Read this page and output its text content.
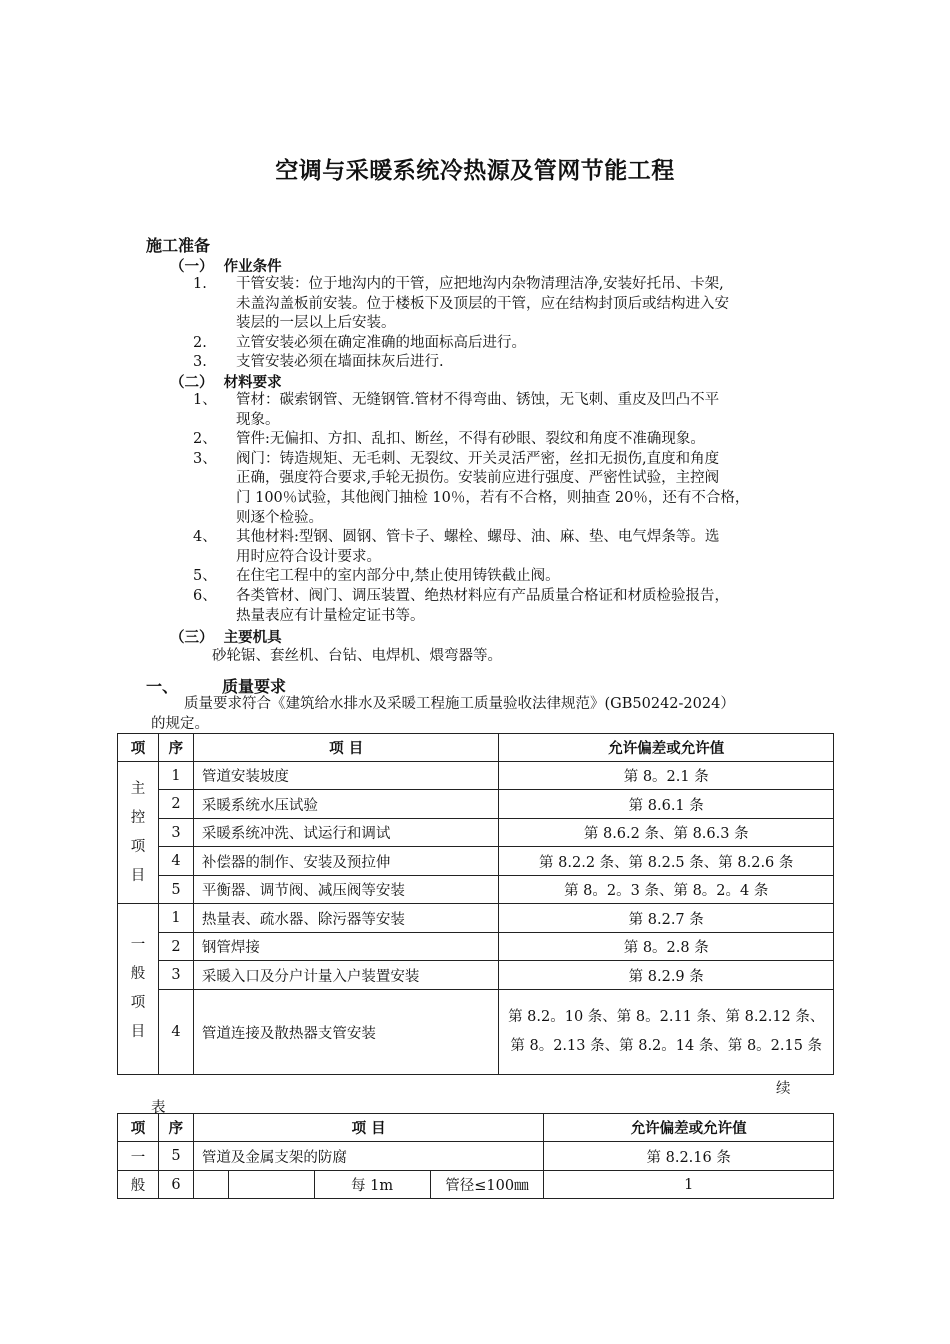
空调与采暖系统冷热源及管网节能工程
施工准备
（一） 作业条件
1. 干管安装：位于地沟内的干管，应把地沟内杂物清理洁净,安装好托吊、卡架,
未盖沟盖板前安装。位于楼板下及顶层的干管，应在结构封顶后或结构进入安
装层的一层以上后安装。
2. 立管安装必须在确定准确的地面标高后进行。
3. 支管安装必须在墙面抹灰后进行.
（二） 材料要求
1、 管材：碳索钢管、无缝钢管.管材不得弯曲、锈蚀，无飞刺、重皮及凹凸不平
现象。
2、 管件:无偏扣、方扣、乱扣、断丝，不得有砂眼、裂纹和角度不准确现象。
3、 阀门：铸造规矩、无毛刺、无裂纹、开关灵活严密，丝扣无损伤,直度和角度
正确，强度符合要求,手轮无损伤。安装前应进行强度、严密性试验，主控阀
门 100％试验，其他阀门抽检 10％，若有不合格，则抽查 20％，还有不合格，
则逐个检验。
4、 其他材料:型钢、圆钢、管卡子、螺栓、螺母、油、麻、垫、电气焊条等。选
用时应符合设计要求。
5、 在住宅工程中的室内部分中,禁止使用铸铁截止阀。
6、 各类管材、阀门、调压装置、绝热材料应有产品质量合格证和材质检验报告，
热量表应有计量检定证书等。
（三） 主要机具
砂轮锯、套丝机、台钻、电焊机、煨弯器等。
一、	质量要求
质量要求符合《建筑给水排水及采暖工程施工质量验收法律规范》(GB50242-2024）
的规定。
项	序	项 目	允许偏差或允许值

主
控
项
目	1	管道安装坡度	第 8。2.1 条
	2	采暖系统水压试验	第 8.6.1 条
	3	采暖系统冲洗、试运行和调试	第 8.6.2 条、第 8.6.3 条
	4	补偿器的制作、安装及预拉伸	第 8.2.2 条、第 8.2.5 条、第 8.2.6 条
	5	平衡器、调节阀、减压阀等安装	第 8。2。3 条、第 8。2。4 条

一
般
项
目	1	热量表、疏水器、除污器等安装	第 8.2.7 条
	2	钢管焊接	第 8。2.8 条
	3	采暖入口及分户计量入户装置安装	第 8.2.9 条
	4	管道连接及散热器支管安装	第 8.2。10 条、第 8。2.11 条、第 8.2.12 条、第 8。2.13 条、第 8.2。14 条、第 8。2.15 条
续
表
项	序	项 目				允许偏差或允许值
一	5	管道及金属支架的防腐				第 8.2.16 条
般	6			每 1m	管径≤100㎜	1
